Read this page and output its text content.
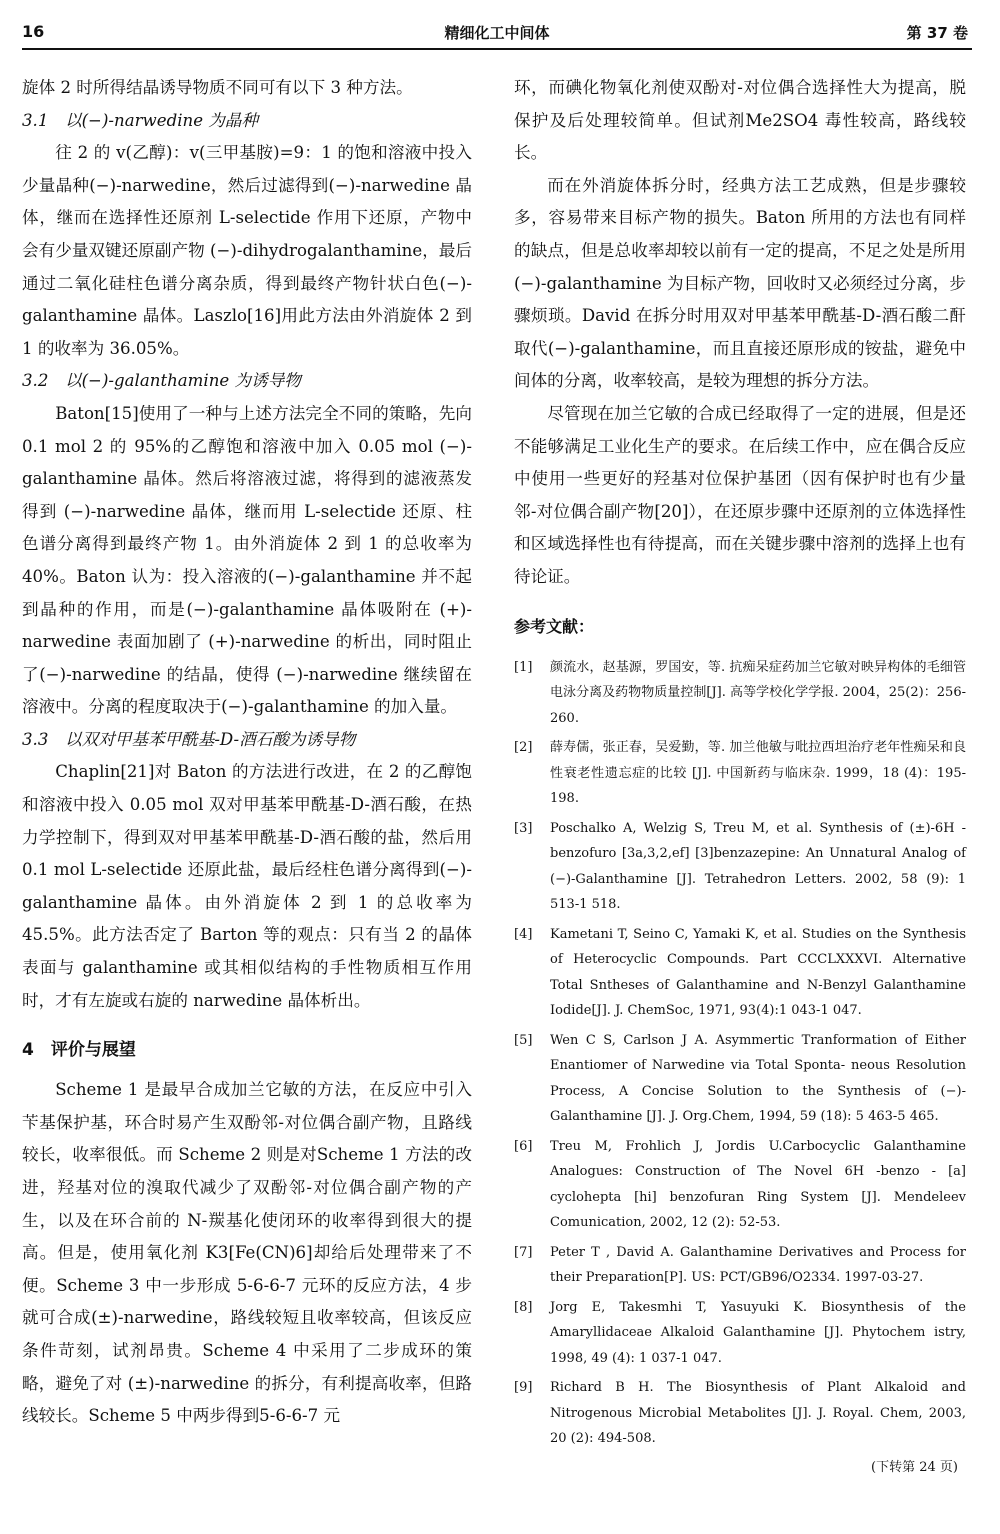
16	精细化工中间体	第 37 卷

旋体 2 时所得结晶诱导物质不同可有以下 3 种方法。

3.1　以(−)-narwedine 为晶种

往 2 的 v(乙醇)：v(三甲基胺)=9：1 的饱和溶液中投入少量晶种(−)-narwedine，然后过滤得到(−)-narwedine 晶体，继而在选择性还原剂 L-selectide 作用下还原，产物中会有少量双键还原副产物 (−)-dihydrogalanthamine，最后通过二氧化硅柱色谱分离杂质，得到最终产物针状白色(−)-galanthamine 晶体。Laszlo[16]用此方法由外消旋体 2 到 1 的收率为 36.05%。

3.2　以(−)-galanthamine 为诱导物

Baton[15]使用了一种与上述方法完全不同的策略，先向 0.1 mol 2 的 95%的乙醇饱和溶液中加入 0.05 mol (−)-galanthamine 晶体。然后将溶液过滤，将得到的滤液蒸发得到 (−)-narwedine 晶体，继而用 L-selectide 还原、柱色谱分离得到最终产物 1。由外消旋体 2 到 1 的总收率为 40%。Baton 认为：投入溶液的(−)-galanthamine 并不起到晶种的作用，而是(−)-galanthamine 晶体吸附在 (+)-narwedine 表面加剧了 (+)-narwedine 的析出，同时阻止了(−)-narwedine 的结晶，使得 (−)-narwedine 继续留在溶液中。分离的程度取决于(−)-galanthamine 的加入量。

3.3　以双对甲基苯甲酰基-D-酒石酸为诱导物

Chaplin[21]对 Baton 的方法进行改进，在 2 的乙醇饱和溶液中投入 0.05 mol 双对甲基苯甲酰基-D-酒石酸，在热力学控制下，得到双对甲基苯甲酰基-D-酒石酸的盐，然后用 0.1 mol L-selectide 还原此盐，最后经柱色谱分离得到(−)-galanthamine 晶体。由外消旋体 2 到 1 的总收率为 45.5%。此方法否定了 Barton 等的观点：只有当 2 的晶体表面与 galanthamine 或其相似结构的手性物质相互作用时，才有左旋或右旋的 narwedine 晶体析出。

4　评价与展望

Scheme 1 是最早合成加兰它敏的方法，在反应中引入苄基保护基，环合时易产生双酚邻-对位偶合副产物，且路线较长，收率很低。而 Scheme 2 则是对Scheme 1 方法的改进，羟基对位的溴取代减少了双酚邻-对位偶合副产物的产生，以及在环合前的 N-羰基化使闭环的收率得到很大的提高。但是，使用氧化剂 K3[Fe(CN)6]却给后处理带来了不便。Scheme 3 中一步形成 5-6-6-7 元环的反应方法，4 步就可合成(±)-narwedine，路线较短且收率较高，但该反应条件苛刻，试剂昂贵。Scheme 4 中采用了二步成环的策略，避免了对 (±)-narwedine 的拆分，有利提高收率，但路线较长。Scheme 5 中两步得到5-6-6-7 元

环，而碘化物氧化剂使双酚对-对位偶合选择性大为提高，脱保护及后处理较简单。但试剂Me2SO4 毒性较高，路线较长。

而在外消旋体拆分时，经典方法工艺成熟，但是步骤较多，容易带来目标产物的损失。Baton 所用的方法也有同样的缺点，但是总收率却较以前有一定的提高，不足之处是所用(−)-galanthamine 为目标产物，回收时又必须经过分离，步骤烦琐。David 在拆分时用双对甲基苯甲酰基-D-酒石酸二酐取代(−)-galanthamine，而且直接还原形成的铵盐，避免中间体的分离，收率较高，是较为理想的拆分方法。

尽管现在加兰它敏的合成已经取得了一定的进展，但是还不能够满足工业化生产的要求。在后续工作中，应在偶合反应中使用一些更好的羟基对位保护基团（因有保护时也有少量邻-对位偶合副产物[20]），在还原步骤中还原剂的立体选择性和区域选择性也有待提高，而在关键步骤中溶剂的选择上也有待论证。

参考文献：
[1]	颜流水，赵基源，罗国安，等. 抗痴呆症药加兰它敏对映异构体的毛细管电泳分离及药物物质量控制[J]. 高等学校化学学报. 2004，25(2)：256-260.
[2]	薛寿儒，张正春，吴爱勤，等. 加兰他敏与吡拉西坦治疗老年性痴呆和良性衰老性遗忘症的比较 [J]. 中国新药与临床杂. 1999，18 (4)：195-198.
[3]	Poschalko A, Welzig S, Treu M, et al. Synthesis of (±)-6H -benzofuro [3a,3,2,ef] [3]benzazepine: An Unnatural Analog of (−)-Galanthamine [J]. Tetrahedron Letters. 2002, 58 (9): 1 513-1 518.
[4]	Kametani T, Seino C, Yamaki K, et al. Studies on the Synthesis of Heterocyclic Compounds. Part CCCLXXXVI. Alternative Total Sntheses of Galanthamine and N-Benzyl Galanthamine Iodide[J]. J. ChemSoc, 1971, 93(4):1 043-1 047.
[5]	Wen C S, Carlson J A. Asymmertic Tranformation of Either Enantiomer of Narwedine via Total Sponta- neous Resolution Process, A Concise Solution to the Synthesis of (−)-Galanthamine [J]. J. Org.Chem, 1994, 59 (18): 5 463-5 465.
[6]	Treu M, Frohlich J, Jordis U.Carbocyclic Galanthamine Analogues: Construction of The Novel 6H -benzo - [a] cyclohepta [hi] benzofuran Ring System [J]. Mendeleev Comunication, 2002, 12 (2): 52-53.
[7]	Peter T , David A. Galanthamine Derivatives and Process for their Preparation[P]. US: PCT/GB96/O2334. 1997-03-27.
[8]	Jorg E, Takesmhi T, Yasuyuki K. Biosynthesis of the Amaryllidaceae Alkaloid Galanthamine [J]. Phytochem istry, 1998, 49 (4): 1 037-1 047.
[9]	Richard B H. The Biosynthesis of Plant Alkaloid and Nitrogenous Microbial Metabolites [J]. J. Royal. Chem, 2003, 20 (2): 494-508.
(下转第 24 页)
